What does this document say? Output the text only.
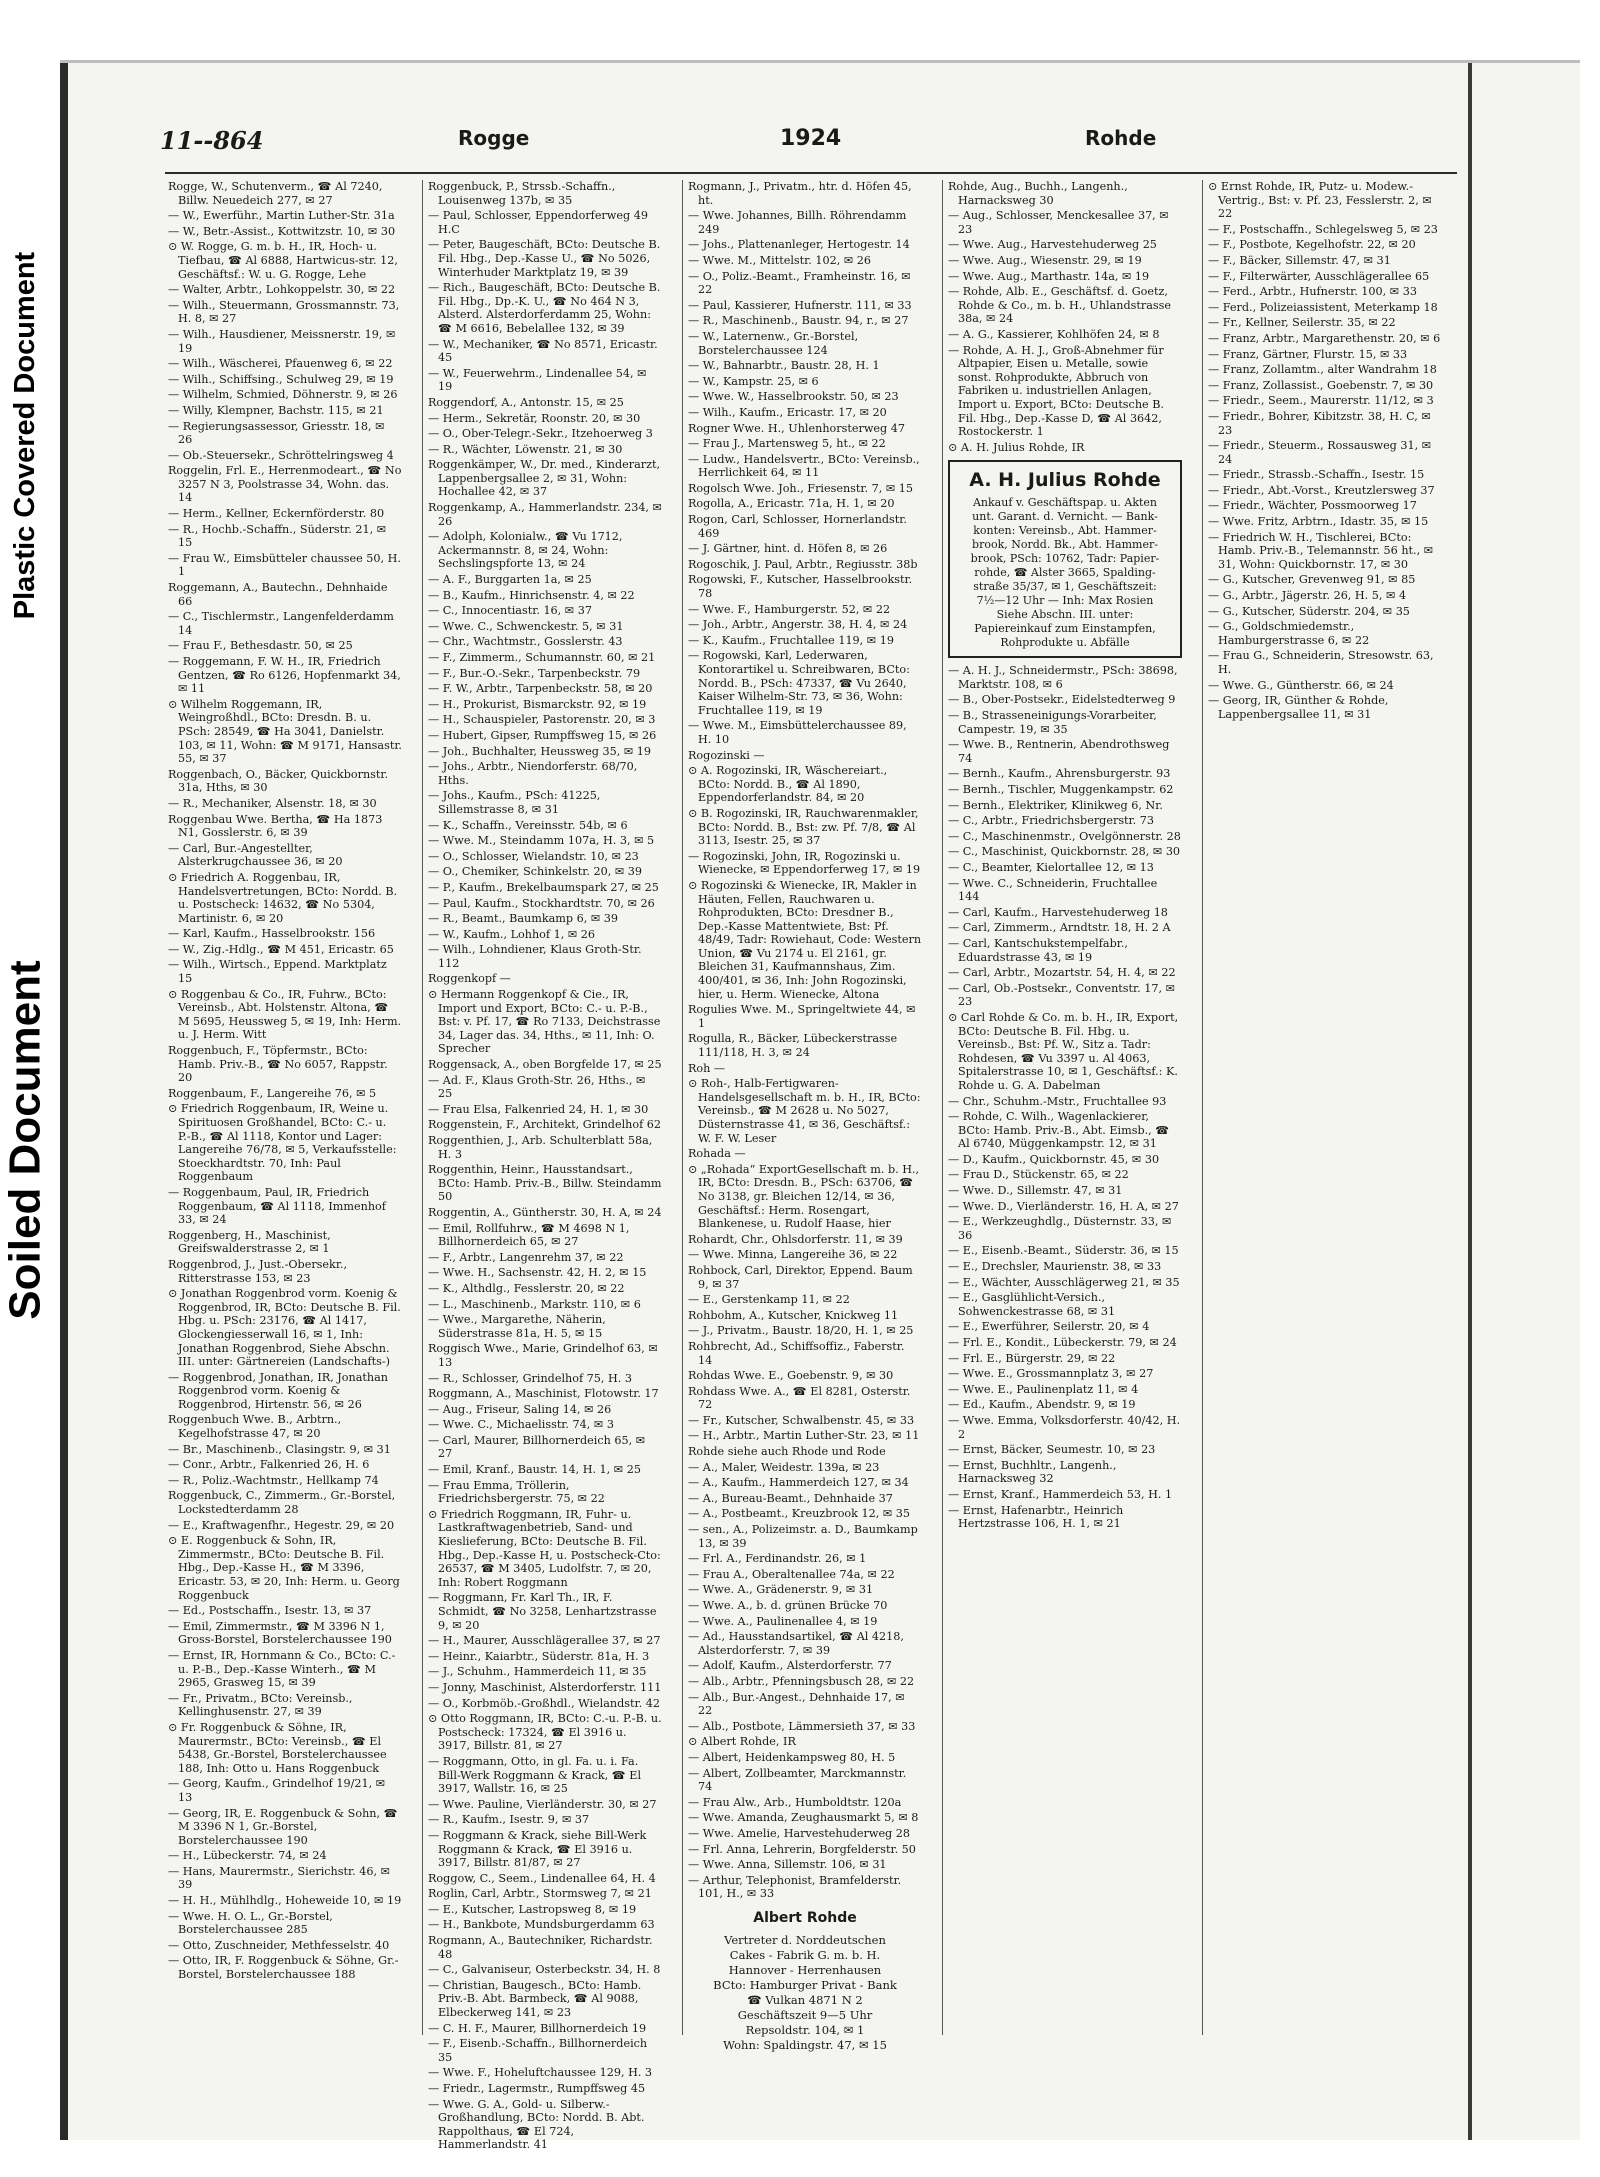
Plastic Covered Document
Soiled Document
11--864	Rogge	1924	Rohde
Rogge, W., Schutenverm., ☎ Al 7240, Billw. Neuedeich 277, ✉ 27
— W., Ewerführ., Martin Luther-Str. 31a
— W., Betr.-Assist., Kottwitzstr. 10, ✉ 30
⊙ W. Rogge, G. m. b. H., IR, Hoch- u. Tiefbau, ☎ Al 6888, Hartwicus-str. 12, Geschäftsf.: W. u. G. Rogge, Lehe
— Walter, Arbtr., Lohkoppelstr. 30, ✉ 22
— Wilh., Steuermann, Grossmannstr. 73, H. 8, ✉ 27
— Wilh., Hausdiener, Meissnerstr. 19, ✉ 19
— Wilh., Wäscherei, Pfauenweg 6, ✉ 22
— Wilh., Schiffsing., Schulweg 29, ✉ 19
— Wilhelm, Schmied, Döhnerstr. 9, ✉ 26
— Willy, Klempner, Bachstr. 115, ✉ 21
— Regierungsassessor, Griesstr. 18, ✉ 26
— Ob.-Steuersekr., Schröttelringsweg 4
Roggelin, Frl. E., Herrenmodeart., ☎ No 3257 N 3, Poolstrasse 34, Wohn. das. 14
— Herm., Kellner, Eckernförderstr. 80
— R., Hochb.-Schaffn., Süderstr. 21, ✉ 15
— Frau W., Eimsbütteler chaussee 50, H. 1
Roggemann, A., Bautechn., Dehnhaide 66
— C., Tischlermstr., Langenfelderdamm 14
— Frau F., Bethesdastr. 50, ✉ 25
— Roggemann, F. W. H., IR, Friedrich Gentzen, ☎ Ro 6126, Hopfenmarkt 34, ✉ 11
⊙ Wilhelm Roggemann, IR, Weingroßhdl., BCto: Dresdn. B. u. PSch: 28549, ☎ Ha 3041, Danielstr. 103, ✉ 11, Wohn: ☎ M 9171, Hansastr. 55, ✉ 37
Roggenbach, O., Bäcker, Quickbornstr. 31a, Hths, ✉ 30
— R., Mechaniker, Alsenstr. 18, ✉ 30
Roggenbau Wwe. Bertha, ☎ Ha 1873 N1, Gosslerstr. 6, ✉ 39
— Carl, Bur.-Angestellter, Alsterkrugchaussee 36, ✉ 20
⊙ Friedrich A. Roggenbau, IR, Handelsvertretungen, BCto: Nordd. B. u. Postscheck: 14632, ☎ No 5304, Martinistr. 6, ✉ 20
— Karl, Kaufm., Hasselbrookstr. 156
— W., Zig.-Hdlg., ☎ M 451, Ericastr. 65
— Wilh., Wirtsch., Eppend. Marktplatz 15
⊙ Roggenbau & Co., IR, Fuhrw., BCto: Vereinsb., Abt. Holstenstr. Altona, ☎ M 5695, Heussweg 5, ✉ 19, Inh: Herm. u. J. Herm. Witt
Roggenbuch, F., Töpfermstr., BCto: Hamb. Priv.-B., ☎ No 6057, Rappstr. 20
Roggenbaum, F., Langereihe 76, ✉ 5
⊙ Friedrich Roggenbaum, IR, Weine u. Spirituosen Großhandel, BCto: C.- u. P.-B., ☎ Al 1118, Kontor und Lager: Langereihe 76/78, ✉ 5, Verkaufsstelle: Stoeckhardtstr. 70, Inh: Paul Roggenbaum
— Roggenbaum, Paul, IR, Friedrich Roggenbaum, ☎ Al 1118, Immenhof 33, ✉ 24
Roggenberg, H., Maschinist, Greifswalderstrasse 2, ✉ 1
Roggenbrod, J., Just.-Obersekr., Ritterstrasse 153, ✉ 23
⊙ Jonathan Roggenbrod vorm. Koenig & Roggenbrod, IR, BCto: Deutsche B. Fil. Hbg. u. PSch: 23176, ☎ Al 1417, Glockengiesserwall 16, ✉ 1, Inh: Jonathan Roggenbrod, Siehe Abschn. III. unter: Gärtnereien (Landschafts-)
— Roggenbrod, Jonathan, IR, Jonathan Roggenbrod vorm. Koenig & Roggenbrod, Hirtenstr. 56, ✉ 26
Roggenbuch Wwe. B., Arbtrn., Kegelhofstrasse 47, ✉ 20
— Br., Maschinenb., Clasingstr. 9, ✉ 31
— Conr., Arbtr., Falkenried 26, H. 6
— R., Poliz.-Wachtmstr., Hellkamp 74
Roggenbuck, C., Zimmerm., Gr.-Borstel, Lockstedterdamm 28
— E., Kraftwagenfhr., Hegestr. 29, ✉ 20
⊙ E. Roggenbuck & Sohn, IR, Zimmermstr., BCto: Deutsche B. Fil. Hbg., Dep.-Kasse H., ☎ M 3396, Ericastr. 53, ✉ 20, Inh: Herm. u. Georg Roggenbuck
— Ed., Postschaffn., Isestr. 13, ✉ 37
— Emil, Zimmermstr., ☎ M 3396 N 1, Gross-Borstel, Borstelerchaussee 190
— Ernst, IR, Hornmann & Co., BCto: C.- u. P.-B., Dep.-Kasse Winterh., ☎ M 2965, Grasweg 15, ✉ 39
— Fr., Privatm., BCto: Vereinsb., Kellinghusenstr. 27, ✉ 39
⊙ Fr. Roggenbuck & Söhne, IR, Maurermstr., BCto: Vereinsb., ☎ El 5438, Gr.-Borstel, Borstelerchaussee 188, Inh: Otto u. Hans Roggenbuck
— Georg, Kaufm., Grindelhof 19/21, ✉ 13
— Georg, IR, E. Roggenbuck & Sohn, ☎ M 3396 N 1, Gr.-Borstel, Borstelerchaussee 190
— H., Lübeckerstr. 74, ✉ 24
— Hans, Maurermstr., Sierichstr. 46, ✉ 39
— H. H., Mühlhdlg., Hoheweide 10, ✉ 19
— Wwe. H. O. L., Gr.-Borstel, Borstelerchaussee 285
— Otto, Zuschneider, Methfesselstr. 40
— Otto, IR, F. Roggenbuck & Söhne, Gr.-Borstel, Borstelerchaussee 188
Roggenbuck, P., Strssb.-Schaffn., Louisenweg 137b, ✉ 35
— Paul, Schlosser, Eppendorferweg 49 H.C
— Peter, Baugeschäft, BCto: Deutsche B. Fil. Hbg., Dep.-Kasse U., ☎ No 5026, Winterhuder Marktplatz 19, ✉ 39
— Rich., Baugeschäft, BCto: Deutsche B. Fil. Hbg., Dp.-K. U., ☎ No 464 N 3, Alsterd. Alsterdorferdamm 25, Wohn: ☎ M 6616, Bebelallee 132, ✉ 39
— W., Mechaniker, ☎ No 8571, Ericastr. 45
— W., Feuerwehrm., Lindenallee 54, ✉ 19
Roggendorf, A., Antonstr. 15, ✉ 25
— Herm., Sekretär, Roonstr. 20, ✉ 30
— O., Ober-Telegr.-Sekr., Itzehoerweg 3
— R., Wächter, Löwenstr. 21, ✉ 30
Roggenkämper, W., Dr. med., Kinderarzt, Lappenbergsallee 2, ✉ 31, Wohn: Hochallee 42, ✉ 37
Roggenkamp, A., Hammerlandstr. 234, ✉ 26
— Adolph, Kolonialw., ☎ Vu 1712, Ackermannstr. 8, ✉ 24, Wohn: Sechslingspforte 13, ✉ 24
— A. F., Burggarten 1a, ✉ 25
— B., Kaufm., Hinrichsenstr. 4, ✉ 22
— C., Innocentiastr. 16, ✉ 37
— Wwe. C., Schwenckestr. 5, ✉ 31
— Chr., Wachtmstr., Gosslerstr. 43
— F., Zimmerm., Schumannstr. 60, ✉ 21
— F., Bur.-O.-Sekr., Tarpenbeckstr. 79
— F. W., Arbtr., Tarpenbeckstr. 58, ✉ 20
— H., Prokurist, Bismarckstr. 92, ✉ 19
— H., Schauspieler, Pastorenstr. 20, ✉ 3
— Hubert, Gipser, Rumpffsweg 15, ✉ 26
— Joh., Buchhalter, Heussweg 35, ✉ 19
— Johs., Arbtr., Niendorferstr. 68/70, Hths.
— Johs., Kaufm., PSch: 41225, Sillemstrasse 8, ✉ 31
— K., Schaffn., Vereinsstr. 54b, ✉ 6
— Wwe. M., Steindamm 107a, H. 3, ✉ 5
— O., Schlosser, Wielandstr. 10, ✉ 23
— O., Chemiker, Schinkelstr. 20, ✉ 39
— P., Kaufm., Brekelbaumspark 27, ✉ 25
— Paul, Kaufm., Stockhardtstr. 70, ✉ 26
— R., Beamt., Baumkamp 6, ✉ 39
— W., Kaufm., Lohhof 1, ✉ 26
— Wilh., Lohndiener, Klaus Groth-Str. 112
Roggenkopf —
⊙ Hermann Roggenkopf & Cie., IR, Import und Export, BCto: C.- u. P.-B., Bst: v. Pf. 17, ☎ Ro 7133, Deichstrasse 34, Lager das. 34, Hths., ✉ 11, Inh: O. Sprecher
Roggensack, A., oben Borgfelde 17, ✉ 25
— Ad. F., Klaus Groth-Str. 26, Hths., ✉ 25
— Frau Elsa, Falkenried 24, H. 1, ✉ 30
Roggenstein, F., Architekt, Grindelhof 62
Roggenthien, J., Arb. Schulterblatt 58a, H. 3
Roggenthin, Heinr., Hausstandsart., BCto: Hamb. Priv.-B., Billw. Steindamm 50
Roggentin, A., Güntherstr. 30, H. A, ✉ 24
— Emil, Rollfuhrw., ☎ M 4698 N 1, Billhornerdeich 65, ✉ 27
— F., Arbtr., Langenrehm 37, ✉ 22
— Wwe. H., Sachsenstr. 42, H. 2, ✉ 15
— K., Althdlg., Fesslerstr. 20, ✉ 22
— L., Maschinenb., Markstr. 110, ✉ 6
— Wwe., Margarethe, Näherin, Süderstrasse 81a, H. 5, ✉ 15
Roggisch Wwe., Marie, Grindelhof 63, ✉ 13
— R., Schlosser, Grindelhof 75, H. 3
Roggmann, A., Maschinist, Flotowstr. 17
— Aug., Friseur, Saling 14, ✉ 26
— Wwe. C., Michaelisstr. 74, ✉ 3
— Carl, Maurer, Billhornerdeich 65, ✉ 27
— Emil, Kranf., Baustr. 14, H. 1, ✉ 25
— Frau Emma, Tröllerin, Friedrichsbergerstr. 75, ✉ 22
⊙ Friedrich Roggmann, IR, Fuhr- u. Lastkraftwagenbetrieb, Sand- und Kieslieferung, BCto: Deutsche B. Fil. Hbg., Dep.-Kasse H, u. Postscheck-Cto: 26537, ☎ M 3405, Ludolfstr. 7, ✉ 20, Inh: Robert Roggmann
— Roggmann, Fr. Karl Th., IR, F. Schmidt, ☎ No 3258, Lenhartzstrasse 9, ✉ 20
— H., Maurer, Ausschlägerallee 37, ✉ 27
— Heinr., Kaiarbtr., Süderstr. 81a, H. 3
— J., Schuhm., Hammerdeich 11, ✉ 35
— Jonny, Maschinist, Alsterdorferstr. 111
— O., Korbmöb.-Großhdl., Wielandstr. 42
⊙ Otto Roggmann, IR, BCto: C.-u. P.-B. u. Postscheck: 17324, ☎ El 3916 u. 3917, Billstr. 81, ✉ 27
— Roggmann, Otto, in gl. Fa. u. i. Fa. Bill-Werk Roggmann & Krack, ☎ El 3917, Wallstr. 16, ✉ 25
— Wwe. Pauline, Vierländerstr. 30, ✉ 27
— R., Kaufm., Isestr. 9, ✉ 37
— Roggmann & Krack, siehe Bill-Werk Roggmann & Krack, ☎ El 3916 u. 3917, Billstr. 81/87, ✉ 27
Roggow, C., Seem., Lindenallee 64, H. 4
Roglin, Carl, Arbtr., Stormsweg 7, ✉ 21
— E., Kutscher, Lastropsweg 8, ✉ 19
— H., Bankbote, Mundsburgerdamm 63
Rogmann, A., Bautechniker, Richardstr. 48
— C., Galvaniseur, Osterbeckstr. 34, H. 8
— Christian, Baugesch., BCto: Hamb. Priv.-B. Abt. Barmbeck, ☎ Al 9088, Elbeckerweg 141, ✉ 23
— C. H. F., Maurer, Billhornerdeich 19
— F., Eisenb.-Schaffn., Billhornerdeich 35
— Wwe. F., Hoheluftchaussee 129, H. 3
— Friedr., Lagermstr., Rumpffsweg 45
— Wwe. G. A., Gold- u. Silberw.-Großhandlung, BCto: Nordd. B. Abt. Rappolthaus, ☎ El 724, Hammerlandstr. 41
Rogmann, J., Privatm., htr. d. Höfen 45, ht.
— Wwe. Johannes, Billh. Röhrendamm 249
— Johs., Plattenanleger, Hertogestr. 14
— Wwe. M., Mittelstr. 102, ✉ 26
— O., Poliz.-Beamt., Framheinstr. 16, ✉ 22
— Paul, Kassierer, Hufnerstr. 111, ✉ 33
— R., Maschinenb., Baustr. 94, r., ✉ 27
— W., Laternenw., Gr.-Borstel, Borstelerchaussee 124
— W., Bahnarbtr., Baustr. 28, H. 1
— W., Kampstr. 25, ✉ 6
— Wwe. W., Hasselbrookstr. 50, ✉ 23
— Wilh., Kaufm., Ericastr. 17, ✉ 20
Rogner Wwe. H., Uhlenhorsterweg 47
— Frau J., Martensweg 5, ht., ✉ 22
— Ludw., Handelsvertr., BCto: Vereinsb., Herrlichkeit 64, ✉ 11
Rogolsch Wwe. Joh., Friesenstr. 7, ✉ 15
Rogolla, A., Ericastr. 71a, H. 1, ✉ 20
Rogon, Carl, Schlosser, Hornerlandstr. 469
— J. Gärtner, hint. d. Höfen 8, ✉ 26
Rogoschik, J. Paul, Arbtr., Regiusstr. 38b
Rogowski, F., Kutscher, Hasselbrookstr. 78
— Wwe. F., Hamburgerstr. 52, ✉ 22
— Joh., Arbtr., Angerstr. 38, H. 4, ✉ 24
— K., Kaufm., Fruchtallee 119, ✉ 19
— Rogowski, Karl, Lederwaren, Kontorartikel u. Schreibwaren, BCto: Nordd. B., PSch: 47337, ☎ Vu 2640, Kaiser Wilhelm-Str. 73, ✉ 36, Wohn: Fruchtallee 119, ✉ 19
— Wwe. M., Eimsbüttelerchaussee 89, H. 10
Rogozinski —
⊙ A. Rogozinski, IR, Wäschereiart., BCto: Nordd. B., ☎ Al 1890, Eppendorferlandstr. 84, ✉ 20
⊙ B. Rogozinski, IR, Rauchwarenmakler, BCto: Nordd. B., Bst: zw. Pf. 7/8, ☎ Al 3113, Isestr. 25, ✉ 37
— Rogozinski, John, IR, Rogozinski u. Wienecke, ✉ Eppendorferweg 17, ✉ 19
⊙ Rogozinski & Wienecke, IR, Makler in Häuten, Fellen, Rauchwaren u. Rohprodukten, BCto: Dresdner B., Dep.-Kasse Mattentwiete, Bst: Pf. 48/49, Tadr: Rowiehaut, Code: Western Union, ☎ Vu 2174 u. El 2161, gr. Bleichen 31, Kaufmannshaus, Zim. 400/401, ✉ 36, Inh: John Rogozinski, hier, u. Herm. Wienecke, Altona
Rogulies Wwe. M., Springeltwiete 44, ✉ 1
Rogulla, R., Bäcker, Lübeckerstrasse 111/118, H. 3, ✉ 24
Roh —
⊙ Roh-, Halb-Fertigwaren-Handelsgesellschaft m. b. H., IR, BCto: Vereinsb., ☎ M 2628 u. No 5027, Düsternstrasse 41, ✉ 36, Geschäftsf.: W. F. W. Leser
Rohada —
⊙ „Rohada“ ExportGesellschaft m. b. H., IR, BCto: Dresdn. B., PSch: 63706, ☎ No 3138, gr. Bleichen 12/14, ✉ 36, Geschäftsf.: Herm. Rosengart, Blankenese, u. Rudolf Haase, hier
Rohardt, Chr., Ohlsdorferstr. 11, ✉ 39
— Wwe. Minna, Langereihe 36, ✉ 22
Rohbock, Carl, Direktor, Eppend. Baum 9, ✉ 37
— E., Gerstenkamp 11, ✉ 22
Rohbohm, A., Kutscher, Knickweg 11
— J., Privatm., Baustr. 18/20, H. 1, ✉ 25
Rohbrecht, Ad., Schiffsoffiz., Faberstr. 14
Rohdas Wwe. E., Goebenstr. 9, ✉ 30
Rohdass Wwe. A., ☎ El 8281, Osterstr. 72
— Fr., Kutscher, Schwalbenstr. 45, ✉ 33
— H., Arbtr., Martin Luther-Str. 23, ✉ 11
Rohde siehe auch Rhode und Rode
— A., Maler, Weidestr. 139a, ✉ 23
— A., Kaufm., Hammerdeich 127, ✉ 34
— A., Bureau-Beamt., Dehnhaide 37
— A., Postbeamt., Kreuzbrook 12, ✉ 35
— sen., A., Polizeimstr. a. D., Baumkamp 13, ✉ 39
— Frl. A., Ferdinandstr. 26, ✉ 1
— Frau A., Oberaltenallee 74a, ✉ 22
— Wwe. A., Grädenerstr. 9, ✉ 31
— Wwe. A., b. d. grünen Brücke 70
— Wwe. A., Paulinenallee 4, ✉ 19
— Ad., Hausstandsartikel, ☎ Al 4218, Alsterdorferstr. 7, ✉ 39
— Adolf, Kaufm., Alsterdorferstr. 77
— Alb., Arbtr., Pfenningsbusch 28, ✉ 22
— Alb., Bur.-Angest., Dehnhaide 17, ✉ 22
— Alb., Postbote, Lämmersieth 37, ✉ 33
⊙ Albert Rohde, IR
— Albert, Heidenkampsweg 80, H. 5
— Albert, Zollbeamter, Marckmannstr. 74
— Frau Alw., Arb., Humboldtstr. 120a
— Wwe. Amanda, Zeughausmarkt 5, ✉ 8
— Wwe. Amelie, Harvestehuderweg 28
— Frl. Anna, Lehrerin, Borgfelderstr. 50
— Wwe. Anna, Sillemstr. 106, ✉ 31
— Arthur, Telephonist, Bramfelderstr. 101, H., ✉ 33
Albert Rohde
Vertreter d. Norddeutschen
Cakes - Fabrik G. m. b. H.
Hannover - Herrenhausen
BCto: Hamburger Privat - Bank
☎ Vulkan 4871 N 2
Geschäftszeit 9—5 Uhr
Repsoldstr. 104, ✉ 1
Wohn: Spaldingstr. 47, ✉ 15
Rohde, Aug., Buchh., Langenh., Harnacksweg 30
— Aug., Schlosser, Menckesallee 37, ✉ 23
— Wwe. Aug., Harvestehuderweg 25
— Wwe. Aug., Wiesenstr. 29, ✉ 19
— Wwe. Aug., Marthastr. 14a, ✉ 19
— Rohde, Alb. E., Geschäftsf. d. Goetz, Rohde & Co., m. b. H., Uhlandstrasse 38a, ✉ 24
— A. G., Kassierer, Kohlhöfen 24, ✉ 8
— Rohde, A. H. J., Groß-Abnehmer für Altpapier, Eisen u. Metalle, sowie sonst. Rohprodukte, Abbruch von Fabriken u. industriellen Anlagen, Import u. Export, BCto: Deutsche B. Fil. Hbg., Dep.-Kasse D, ☎ Al 3642, Rostockerstr. 1
⊙ A. H. Julius Rohde, IR
A. H. Julius Rohde
Ankauf v. Geschäftspap. u. Akten
unt. Garant. d. Vernicht. — Bank-
konten: Vereinsb., Abt. Hammer-
brook, Nordd. Bk., Abt. Hammer-
brook, PSch: 10762, Tadr: Papier-
rohde, ☎ Alster 3665, Spalding-
straße 35/37, ✉ 1, Geschäftszeit:
7½—12 Uhr — Inh: Max Rosien
Siehe Abschn. III. unter:
Papiereinkauf zum Einstampfen,
Rohprodukte u. Abfälle
— A. H. J., Schneidermstr., PSch: 38698, Marktstr. 108, ✉ 6
— B., Ober-Postsekr., Eidelstedterweg 9
— B., Strasseneinigungs-Vorarbeiter, Campestr. 19, ✉ 35
— Wwe. B., Rentnerin, Abendrothsweg 74
— Bernh., Kaufm., Ahrensburgerstr. 93
— Bernh., Tischler, Muggenkampstr. 62
— Bernh., Elektriker, Klinikweg 6, Nr.
— C., Arbtr., Friedrichsbergerstr. 73
— C., Maschinenmstr., Ovelgönnerstr. 28
— C., Maschinist, Quickbornstr. 28, ✉ 30
— C., Beamter, Kielortallee 12, ✉ 13
— Wwe. C., Schneiderin, Fruchtallee 144
— Carl, Kaufm., Harvestehuderweg 18
— Carl, Zimmerm., Arndtstr. 18, H. 2 A
— Carl, Kantschukstempelfabr., Eduardstrasse 43, ✉ 19
— Carl, Arbtr., Mozartstr. 54, H. 4, ✉ 22
— Carl, Ob.-Postsekr., Conventstr. 17, ✉ 23
⊙ Carl Rohde & Co. m. b. H., IR, Export, BCto: Deutsche B. Fil. Hbg. u. Vereinsb., Bst: Pf. W., Sitz a. Tadr: Rohdesen, ☎ Vu 3397 u. Al 4063, Spitalerstrasse 10, ✉ 1, Geschäftsf.: K. Rohde u. G. A. Dabelman
— Chr., Schuhm.-Mstr., Fruchtallee 93
— Rohde, C. Wilh., Wagenlackierer, BCto: Hamb. Priv.-B., Abt. Eimsb., ☎ Al 6740, Müggenkampstr. 12, ✉ 31
— D., Kaufm., Quickbornstr. 45, ✉ 30
— Frau D., Stückenstr. 65, ✉ 22
— Wwe. D., Sillemstr. 47, ✉ 31
— Wwe. D., Vierländerstr. 16, H. A, ✉ 27
— E., Werkzeughdlg., Düsternstr. 33, ✉ 36
— E., Eisenb.-Beamt., Süderstr. 36, ✉ 15
— E., Drechsler, Maurienstr. 38, ✉ 33
— E., Wächter, Ausschlägerweg 21, ✉ 35
— E., Gasglühlicht-Versich., Sohwenckestrasse 68, ✉ 31
— E., Ewerführer, Seilerstr. 20, ✉ 4
— Frl. E., Kondit., Lübeckerstr. 79, ✉ 24
— Frl. E., Bürgerstr. 29, ✉ 22
— Wwe. E., Grossmannplatz 3, ✉ 27
— Wwe. E., Paulinenplatz 11, ✉ 4
— Ed., Kaufm., Abendstr. 9, ✉ 19
— Wwe. Emma, Volksdorferstr. 40/42, H. 2
— Ernst, Bäcker, Seumestr. 10, ✉ 23
— Ernst, Buchhltr., Langenh., Harnacksweg 32
— Ernst, Kranf., Hammerdeich 53, H. 1
— Ernst, Hafenarbtr., Heinrich Hertzstrasse 106, H. 1, ✉ 21
⊙ Ernst Rohde, IR, Putz- u. Modew.-Vertrig., Bst: v. Pf. 23, Fesslerstr. 2, ✉ 22
— F., Postschaffn., Schlegelsweg 5, ✉ 23
— F., Postbote, Kegelhofstr. 22, ✉ 20
— F., Bäcker, Sillemstr. 47, ✉ 31
— F., Filterwärter, Ausschlägerallee 65
— Ferd., Arbtr., Hufnerstr. 100, ✉ 33
— Ferd., Polizeiassistent, Meterkamp 18
— Fr., Kellner, Seilerstr. 35, ✉ 22
— Franz, Arbtr., Margarethenstr. 20, ✉ 6
— Franz, Gärtner, Flurstr. 15, ✉ 33
— Franz, Zollamtm., alter Wandrahm 18
— Franz, Zollassist., Goebenstr. 7, ✉ 30
— Friedr., Seem., Maurerstr. 11/12, ✉ 3
— Friedr., Bohrer, Kibitzstr. 38, H. C, ✉ 23
— Friedr., Steuerm., Rossausweg 31, ✉ 24
— Friedr., Strassb.-Schaffn., Isestr. 15
— Friedr., Abt.-Vorst., Kreutzlersweg 37
— Friedr., Wächter, Possmoorweg 17
— Wwe. Fritz, Arbtrn., Idastr. 35, ✉ 15
— Friedrich W. H., Tischlerei, BCto: Hamb. Priv.-B., Telemannstr. 56 ht., ✉ 31, Wohn: Quickbornstr. 17, ✉ 30
— G., Kutscher, Grevenweg 91, ✉ 85
— G., Arbtr., Jägerstr. 26, H. 5, ✉ 4
— G., Kutscher, Süderstr. 204, ✉ 35
— G., Goldschmiedemstr., Hamburgerstrasse 6, ✉ 22
— Frau G., Schneiderin, Stresowstr. 63, H.
— Wwe. G., Güntherstr. 66, ✉ 24
— Georg, IR, Günther & Rohde, Lappenbergsallee 11, ✉ 31
